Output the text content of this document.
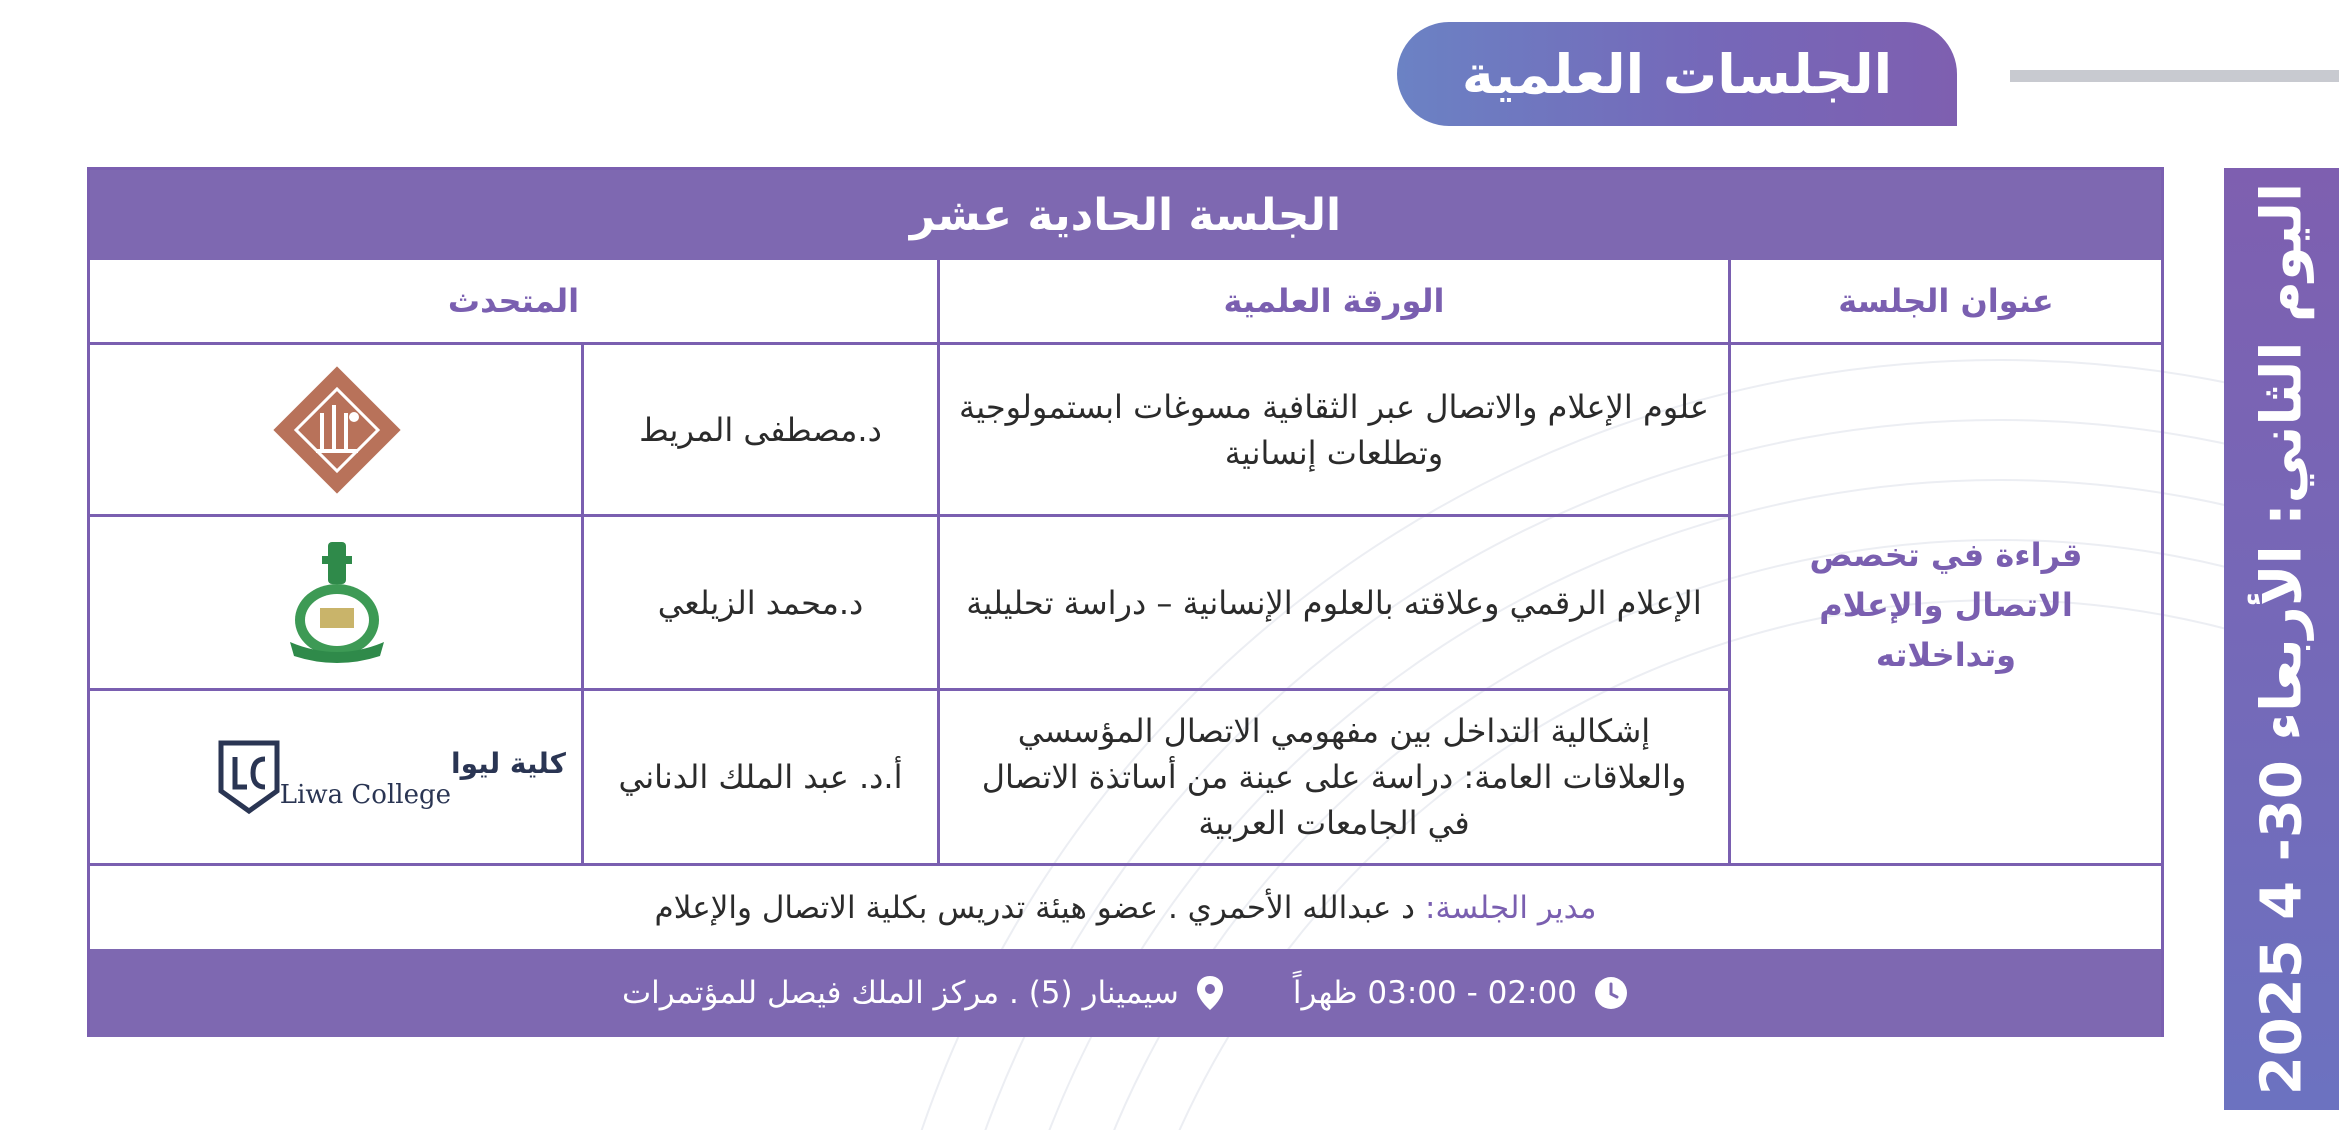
الجلسات العلمية
اليوم الثاني: الأربعاء 30- 4 2025
الجلسة الحادية عشر
عنوان الجلسة
الورقة العلمية
المتحدث
قراءة في تخصص الاتصال والإعلام وتداخلاته
علوم الإعلام والاتصال عبر الثقافية مسوغات ابستمولوجية وتطلعات إنسانية
د.مصطفى المريط
الإعلام الرقمي وعلاقته بالعلوم الإنسانية – دراسة تحليلية
د.محمد الزيلعي
إشكالية التداخل بين مفهومي الاتصال المؤسسي والعلاقات العامة: دراسة على عينة من أساتذة الاتصال في الجامعات العربية
أ.د. عبد الملك الدناني
كلية ليوا
Liwa College
مدير الجلسة:
د عبدالله الأحمري . عضو هيئة تدريس بكلية الاتصال والإعلام
02:00 - 03:00 ظهراً
سيمينار (5) . مركز الملك فيصل للمؤتمرات
